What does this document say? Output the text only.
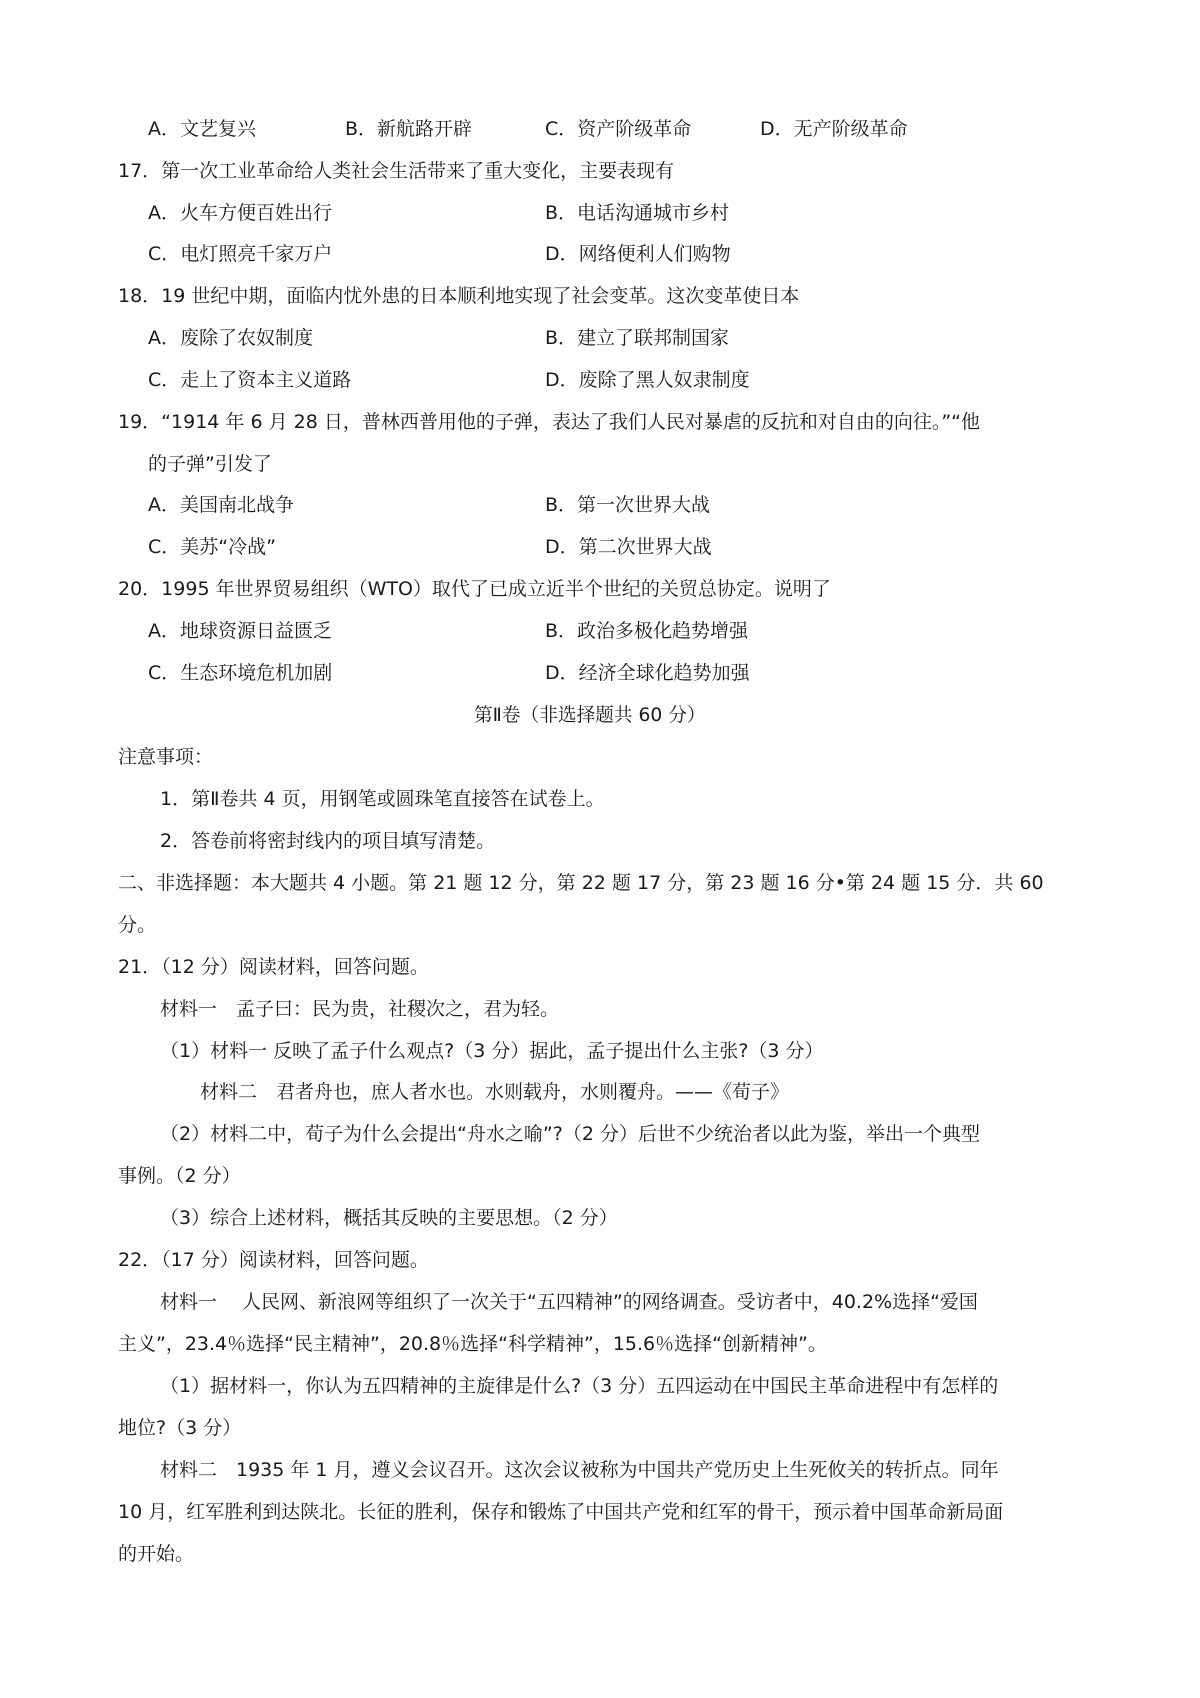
A．文艺复兴	B．新航路开辟	C．资产阶级革命	D．无产阶级革命
17．第一次工业革命给人类社会生活带来了重大变化，主要表现有
A．火车方便百姓出行	B．电话沟通城市乡村
C．电灯照亮千家万户	D．网络便利人们购物
18．19 世纪中期，面临内忧外患的日本顺利地实现了社会变革。这次变革使日本
A．废除了农奴制度	B．建立了联邦制国家
C．走上了资本主义道路	D．废除了黑人奴隶制度
19．“1914 年 6 月 28 日，普林西普用他的子弹，表达了我们人民对暴虐的反抗和对自由的向往。”“他
的子弹”引发了
A．美国南北战争	B．第一次世界大战
C．美苏“冷战”	D．第二次世界大战
20．1995 年世界贸易组织（WTO）取代了已成立近半个世纪的关贸总协定。说明了
A．地球资源日益匮乏	B．政治多极化趋势增强
C．生态环境危机加剧	D．经济全球化趋势加强
第Ⅱ卷（非选择题共 60 分）
注意事项：
1．第Ⅱ卷共 4 页，用钢笔或圆珠笔直接答在试卷上。
2．答卷前将密封线内的项目填写清楚。
二、非选择题：本大题共 4 小题。第 21 题 12 分，第 22 题 17 分，第 23 题 16 分•第 24 题 15 分．共 60
分。
21．（12 分）阅读材料，回答问题。
材料一　孟子曰：民为贵，社稷次之，君为轻。
（1）材料一 反映了孟子什么观点?（3 分）据此，孟子提出什么主张?（3 分）
材料二　君者舟也，庶人者水也。水则载舟，水则覆舟。——《荀子》
（2）材料二中，荀子为什么会提出“舟水之喻”?（2 分）后世不少统治者以此为鉴，举出一个典型
事例。（2 分）
（3）综合上述材料，概括其反映的主要思想。（2 分）
22．（17 分）阅读材料，回答问题。
材料一　 人民网、新浪网等组织了一次关于“五四精神”的网络调查。受访者中，40.2%选择“爱国
主义”，23.4％选择“民主精神”，20.8％选择“科学精神”，15.6％选择“创新精神”。
（1）据材料一，你认为五四精神的主旋律是什么?（3 分）五四运动在中国民主革命进程中有怎样的
地位?（3 分）
材料二　1935 年 1 月，遵义会议召开。这次会议被称为中国共产党历史上生死攸关的转折点。同年
10 月，红军胜利到达陕北。长征的胜利，保存和锻炼了中国共产党和红军的骨干，预示着中国革命新局面
的开始。
